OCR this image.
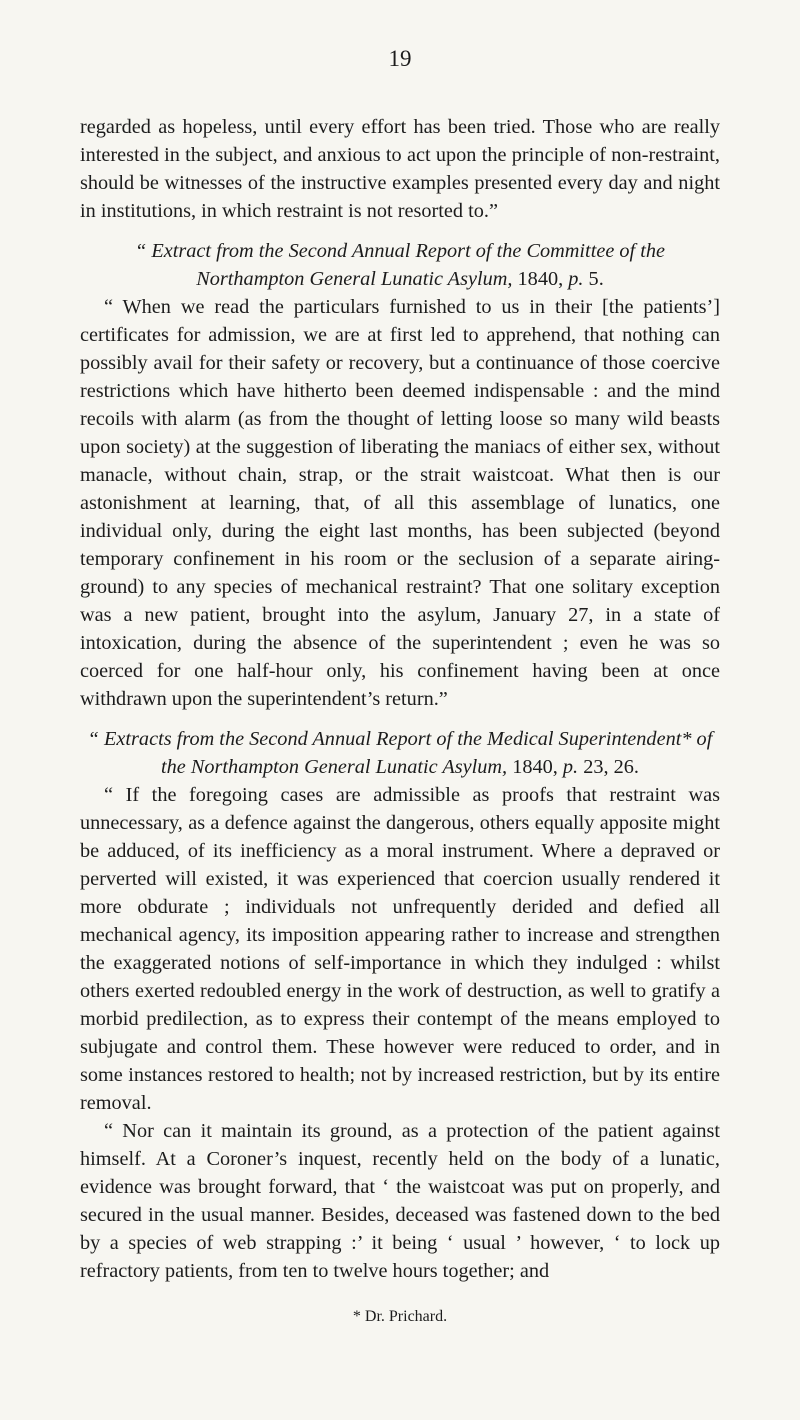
19

regarded as hopeless, until every effort has been tried. Those who are really interested in the subject, and anxious to act upon the principle of non-restraint, should be witnesses of the instructive examples presented every day and night in institutions, in which restraint is not resorted to.”

“ Extract from the Second Annual Report of the Committee of the Northampton General Lunatic Asylum, 1840, p. 5.

“ When we read the particulars furnished to us in their [the patients’] certificates for admission, we are at first led to apprehend, that nothing can possibly avail for their safety or recovery, but a continuance of those coercive restrictions which have hitherto been deemed indispensable : and the mind recoils with alarm (as from the thought of letting loose so many wild beasts upon society) at the suggestion of liberating the maniacs of either sex, without manacle, without chain, strap, or the strait waistcoat. What then is our astonishment at learning, that, of all this assemblage of lunatics, one individual only, during the eight last months, has been subjected (beyond temporary confinement in his room or the seclusion of a separate airing-ground) to any species of mechanical restraint? That one solitary exception was a new patient, brought into the asylum, January 27, in a state of intoxication, during the absence of the superintendent ; even he was so coerced for one half-hour only, his confinement having been at once withdrawn upon the superintendent’s return.”

“ Extracts from the Second Annual Report of the Medical Superintendent* of the Northampton General Lunatic Asylum, 1840, p. 23, 26.

“ If the foregoing cases are admissible as proofs that restraint was unnecessary, as a defence against the dangerous, others equally apposite might be adduced, of its inefficiency as a moral instrument. Where a depraved or perverted will existed, it was experienced that coercion usually rendered it more obdurate ; individuals not unfrequently derided and defied all mechanical agency, its imposition appearing rather to increase and strengthen the exaggerated notions of self-importance in which they indulged : whilst others exerted redoubled energy in the work of destruction, as well to gratify a morbid predilection, as to express their contempt of the means employed to subjugate and control them. These however were reduced to order, and in some instances restored to health; not by increased restriction, but by its entire removal.

“ Nor can it maintain its ground, as a protection of the patient against himself. At a Coroner’s inquest, recently held on the body of a lunatic, evidence was brought forward, that ‘ the waistcoat was put on properly, and secured in the usual manner. Besides, deceased was fastened down to the bed by a species of web strapping :’ it being ‘ usual ’ however, ‘ to lock up refractory patients, from ten to twelve hours together; and

* Dr. Prichard.
